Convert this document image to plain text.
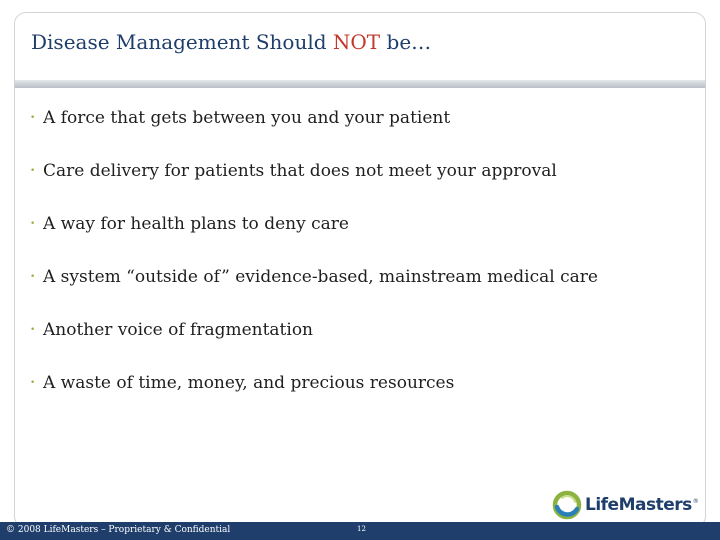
Disease Management Should NOT be…
• A force that gets between you and your patient
• Care delivery for patients that does not meet your approval
• A way for health plans to deny care
• A system “outside of” evidence-based, mainstream medical care
• Another voice of fragmentation
• A waste of time, money, and precious resources
LifeMasters ®
© 2008 LifeMasters – Proprietary & Confidential	12
